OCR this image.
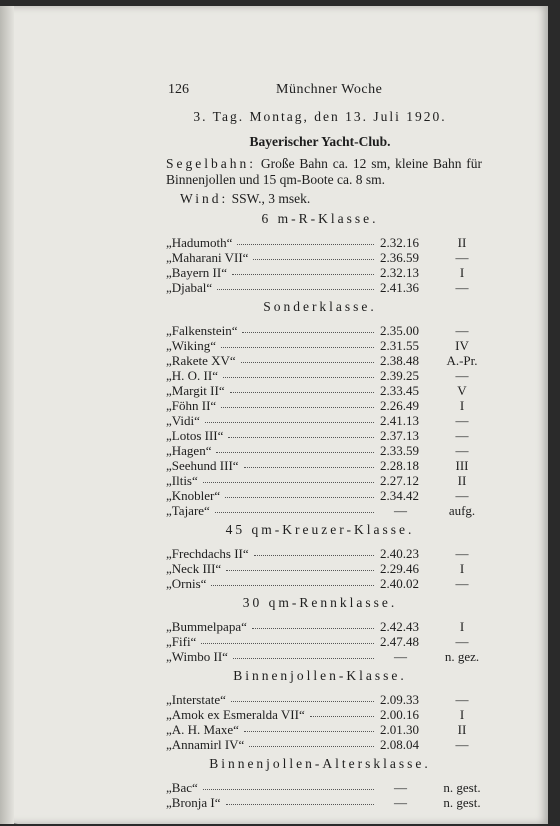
126	Münchner Woche
3. Tag. Montag, den 13. Juli 1920.
Bayerischer Yacht-Club.
Segelbahn: Große Bahn ca. 12 sm, kleine Bahn für Binnenjollen und 15 qm-Boote ca. 8 sm.
Wind: SSW., 3 msek.
6 m-R-Klasse.
„Hadumoth“	2.32.16	II
„Maharani VII“	2.36.59	—
„Bayern II“	2.32.13	I
„Djabal“	2.41.36	—
Sonderklasse.
„Falkenstein“	2.35.00	—
„Wiking“	2.31.55	IV
„Rakete XV“	2.38.48	A.-Pr.
„H. O. II“	2.39.25	—
„Margit II“	2.33.45	V
„Föhn II“	2.26.49	I
„Vidi“	2.41.13	—
„Lotos III“	2.37.13	—
„Hagen“	2.33.59	—
„Seehund III“	2.28.18	III
„Iltis“	2.27.12	II
„Knobler“	2.34.42	—
„Tajare“	—	aufg.
45 qm-Kreuzer-Klasse.
„Frechdachs II“	2.40.23	—
„Neck III“	2.29.46	I
„Ornis“	2.40.02	—
30 qm-Rennklasse.
„Bummelpapa“	2.42.43	I
„Fifi“	2.47.48	—
„Wimbo II“	—	n. gez.
Binnenjollen-Klasse.
„Interstate“	2.09.33	—
„Amok ex Esmeralda VII“	2.00.16	I
„A. H. Maxe“	2.01.30	II
„Annamirl IV“	2.08.04	—
Binnenjollen-Altersklasse.
„Bac“	—	n. gest.
„Bronja I“	—	n. gest.
